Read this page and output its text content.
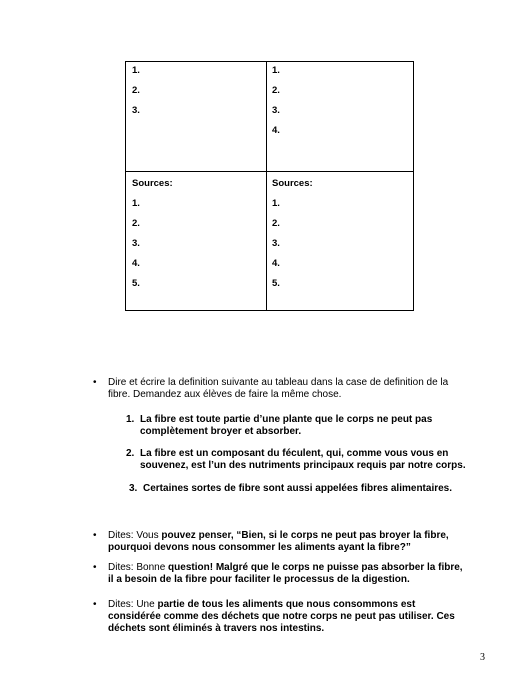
1.
2.
3.
1.
2.
3.
4.
Sources:
1.
2.
3.
4.
5.
Sources:
1.
2.
3.
4.
5.
• Dire et écrire la definition suivante au tableau dans la case de definition de la
fibre. Demandez aux élèves de faire la même chose.
1. La fibre est toute partie d’une plante que le corps ne peut pas
complètement broyer et absorber.
2. La fibre est un composant du féculent, qui, comme vous vous en
souvenez, est l’un des nutriments principaux requis par notre corps.
3. Certaines sortes de fibre sont aussi appelées fibres alimentaires.
• Dites: Vous pouvez penser, “Bien, si le corps ne peut pas broyer la fibre,
pourquoi devons nous consommer les aliments ayant la fibre?”
• Dites: Bonne question! Malgré que le corps ne puisse pas absorber la fibre,
il a besoin de la fibre pour faciliter le processus de la digestion.
• Dites: Une partie de tous les aliments que nous consommons est
considérée comme des déchets que notre corps ne peut pas utiliser. Ces
déchets sont éliminés à travers nos intestins.
3
